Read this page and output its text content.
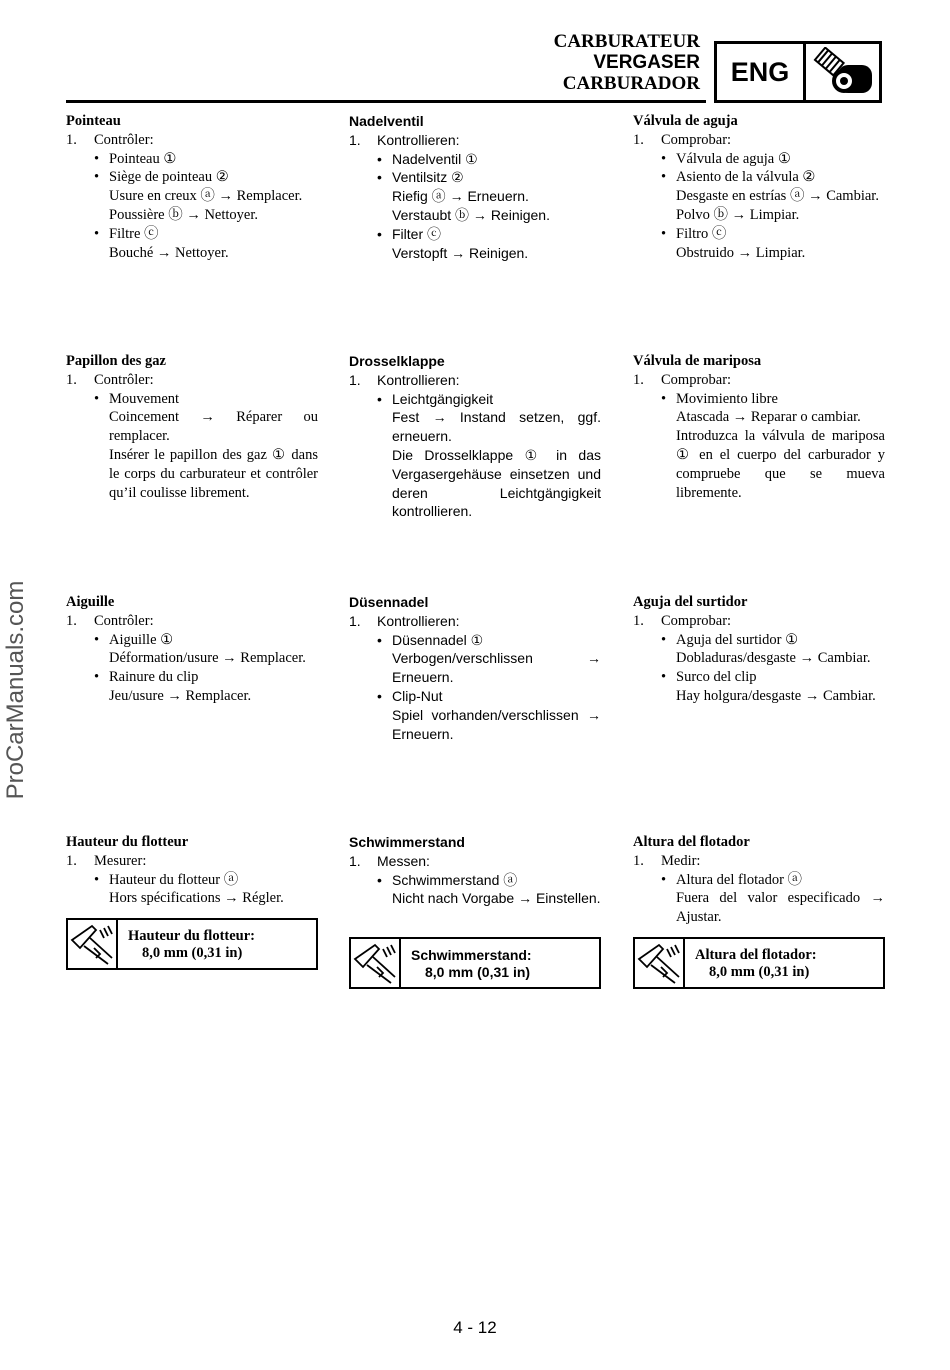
CARBURATEUR
VERGASER
CARBURADOR	ENG
Pointeau
1.	Contrôler:
• Pointeau ①
• Siège de pointeau ②
Usure en creux ⓐ → Remplacer.
Poussière ⓑ → Nettoyer.
• Filtre ⓒ
Bouché → Nettoyer.
Papillon des gaz
1.	Contrôler:
• Mouvement
Coincement → Réparer ou remplacer.
Insérer le papillon des gaz ① dans le corps du carburateur et contrôler qu’il coulisse librement.
Aiguille
1.	Contrôler:
• Aiguille ①
Déformation/usure → Remplacer.
• Rainure du clip
Jeu/usure → Remplacer.
Hauteur du flotteur
1.	Mesurer:
• Hauteur du flotteur ⓐ
Hors spécifications → Régler.
Hauteur du flotteur:
8,0 mm (0,31 in)
Nadelventil
1.	Kontrollieren:
• Nadelventil ①
• Ventilsitz ②
Riefig ⓐ → Erneuern.
Verstaubt ⓑ → Reinigen.
• Filter ⓒ
Verstopft → Reinigen.
Drosselklappe
1.	Kontrollieren:
• Leichtgängigkeit
Fest → Instand setzen, ggf. erneuern.
Die Drosselklappe ① in das Vergasergehäuse einsetzen und deren Leichtgängigkeit kontrollieren.
Düsennadel
1.	Kontrollieren:
• Düsennadel ①
Verbogen/verschlissen → Erneuern.
• Clip-Nut
Spiel vorhanden/verschlissen → Erneuern.
Schwimmerstand
1.	Messen:
• Schwimmerstand ⓐ
Nicht nach Vorgabe → Einstellen.
Schwimmerstand:
8,0 mm (0,31 in)
Válvula de aguja
1.	Comprobar:
• Válvula de aguja ①
• Asiento de la válvula ②
Desgaste en estrías ⓐ → Cambiar.
Polvo ⓑ → Limpiar.
• Filtro ⓒ
Obstruido → Limpiar.
Válvula de mariposa
1.	Comprobar:
• Movimiento libre
Atascada → Reparar o cambiar.
Introduzca la válvula de mariposa ① en el cuerpo del carburador y compruebe que se mueva libremente.
Aguja del surtidor
1.	Comprobar:
• Aguja del surtidor ①
Dobladuras/desgaste → Cambiar.
• Surco del clip
Hay holgura/desgaste → Cambiar.
Altura del flotador
1.	Medir:
• Altura del flotador ⓐ
Fuera del valor especificado → Ajustar.
Altura del flotador:
8,0 mm (0,31 in)
ProCarManuals.com
4 - 12
